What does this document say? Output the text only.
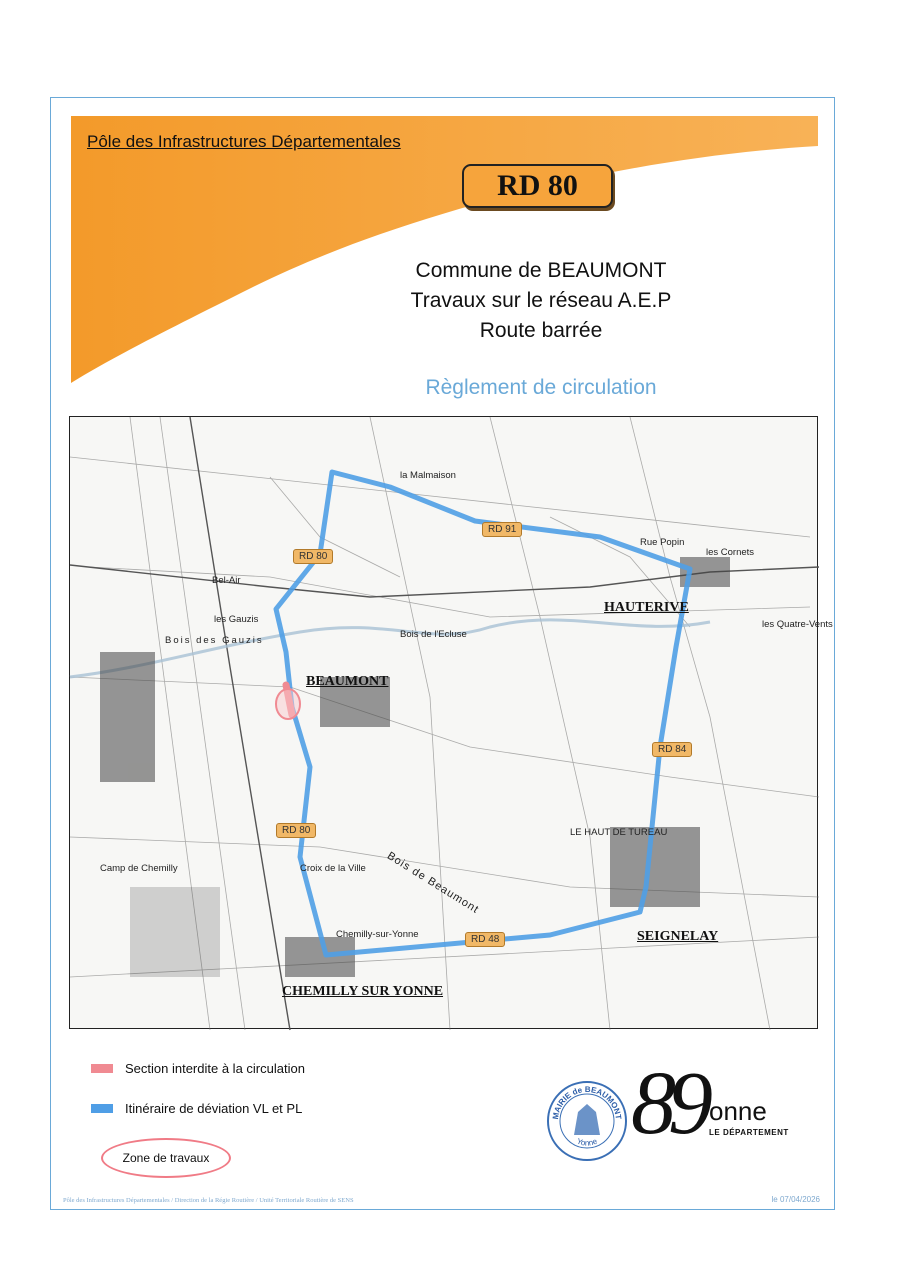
Pôle des Infrastructures Départementales
RD 80
Commune de BEAUMONT
Travaux sur le réseau A.E.P
Route barrée
Règlement de circulation
BEAUMONT
HAUTERIVE
SEIGNELAY
CHEMILLY SUR YONNE
la Malmaison
Bel-Air
les Gauzis
Bois des Gauzis
Bois de l'Ecluse
les Cornets
Rue Popin
les Quatre-Vents
LE HAUT DE TUREAU
Camp de Chemilly
Chemilly-sur-Yonne
Bois de Beaumont
Croix de la Ville
RD 80
RD 91
RD 84
RD 80
RD 48
Section interdite à la circulation
Itinéraire de déviation VL et PL
Zone de travaux
MAIRIE de BEAUMONT
Yonne 89 onne
LE DÉPARTEMENT
Pôle des Infrastructures Départementales / Direction de la Régie Routière / Unité Territoriale Routière de SENS	le 07/04/2026
